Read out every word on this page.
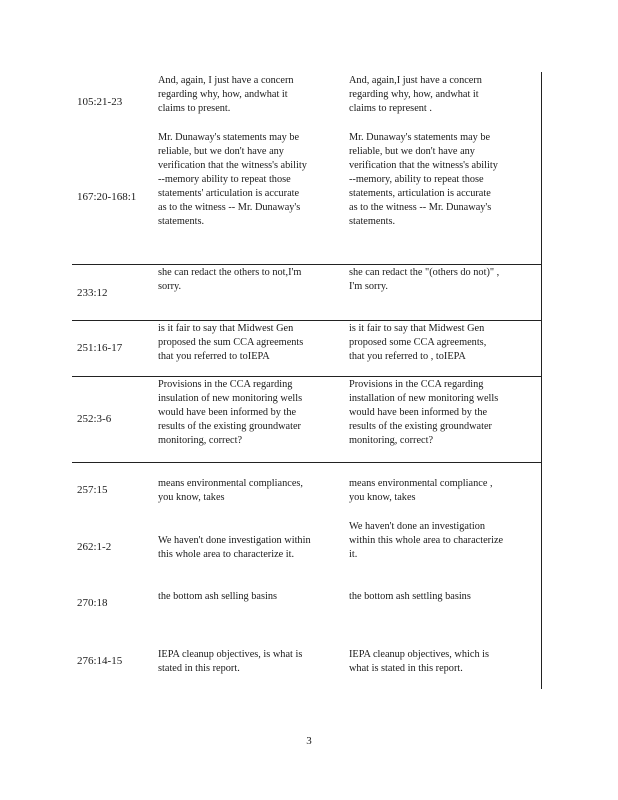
105:21-23
And, again, I just have a concern
regarding why, how, andwhat it
claims to present.
And, again,I just have a concern
regarding why, how, andwhat it
claims to represent .
167:20-168:1
Mr. Dunaway's statements may be
reliable, but we don't have any
verification that the witness's ability
--memory ability to repeat those
statements' articulation is accurate
as to the witness -- Mr. Dunaway's
statements.
Mr. Dunaway's statements may be
reliable, but we don't have any
verification that the witness's ability
--memory, ability to repeat those
statements, articulation is accurate
as to the witness -- Mr. Dunaway's
statements.
233:12
she can redact the others to not,I'm
sorry.
she can redact the "(others do not)" ,
I'm sorry.
251:16-17
is it fair to say that Midwest Gen
proposed the sum CCA agreements
that you referred to toIEPA
is it fair to say that Midwest Gen
proposed some CCA agreements,
that you referred to , toIEPA
252:3-6
Provisions in the CCA regarding
insulation of new monitoring wells
would have been informed by the
results of the existing groundwater
monitoring, correct?
Provisions in the CCA regarding
installation of new monitoring wells
would have been informed by the
results of the existing groundwater
monitoring, correct?
257:15
means environmental compliances,
you know, takes
means environmental compliance ,
you know, takes
262:1-2
We haven't done investigation within
this whole area to characterize it.
We haven't done an investigation
within this whole area to characterize
it.
270:18
the bottom ash selling basins	the bottom ash settling basins
276:14-15
IEPA cleanup objectives, is what is
stated in this report.
IEPA cleanup objectives, which is
what is stated in this report.
3
